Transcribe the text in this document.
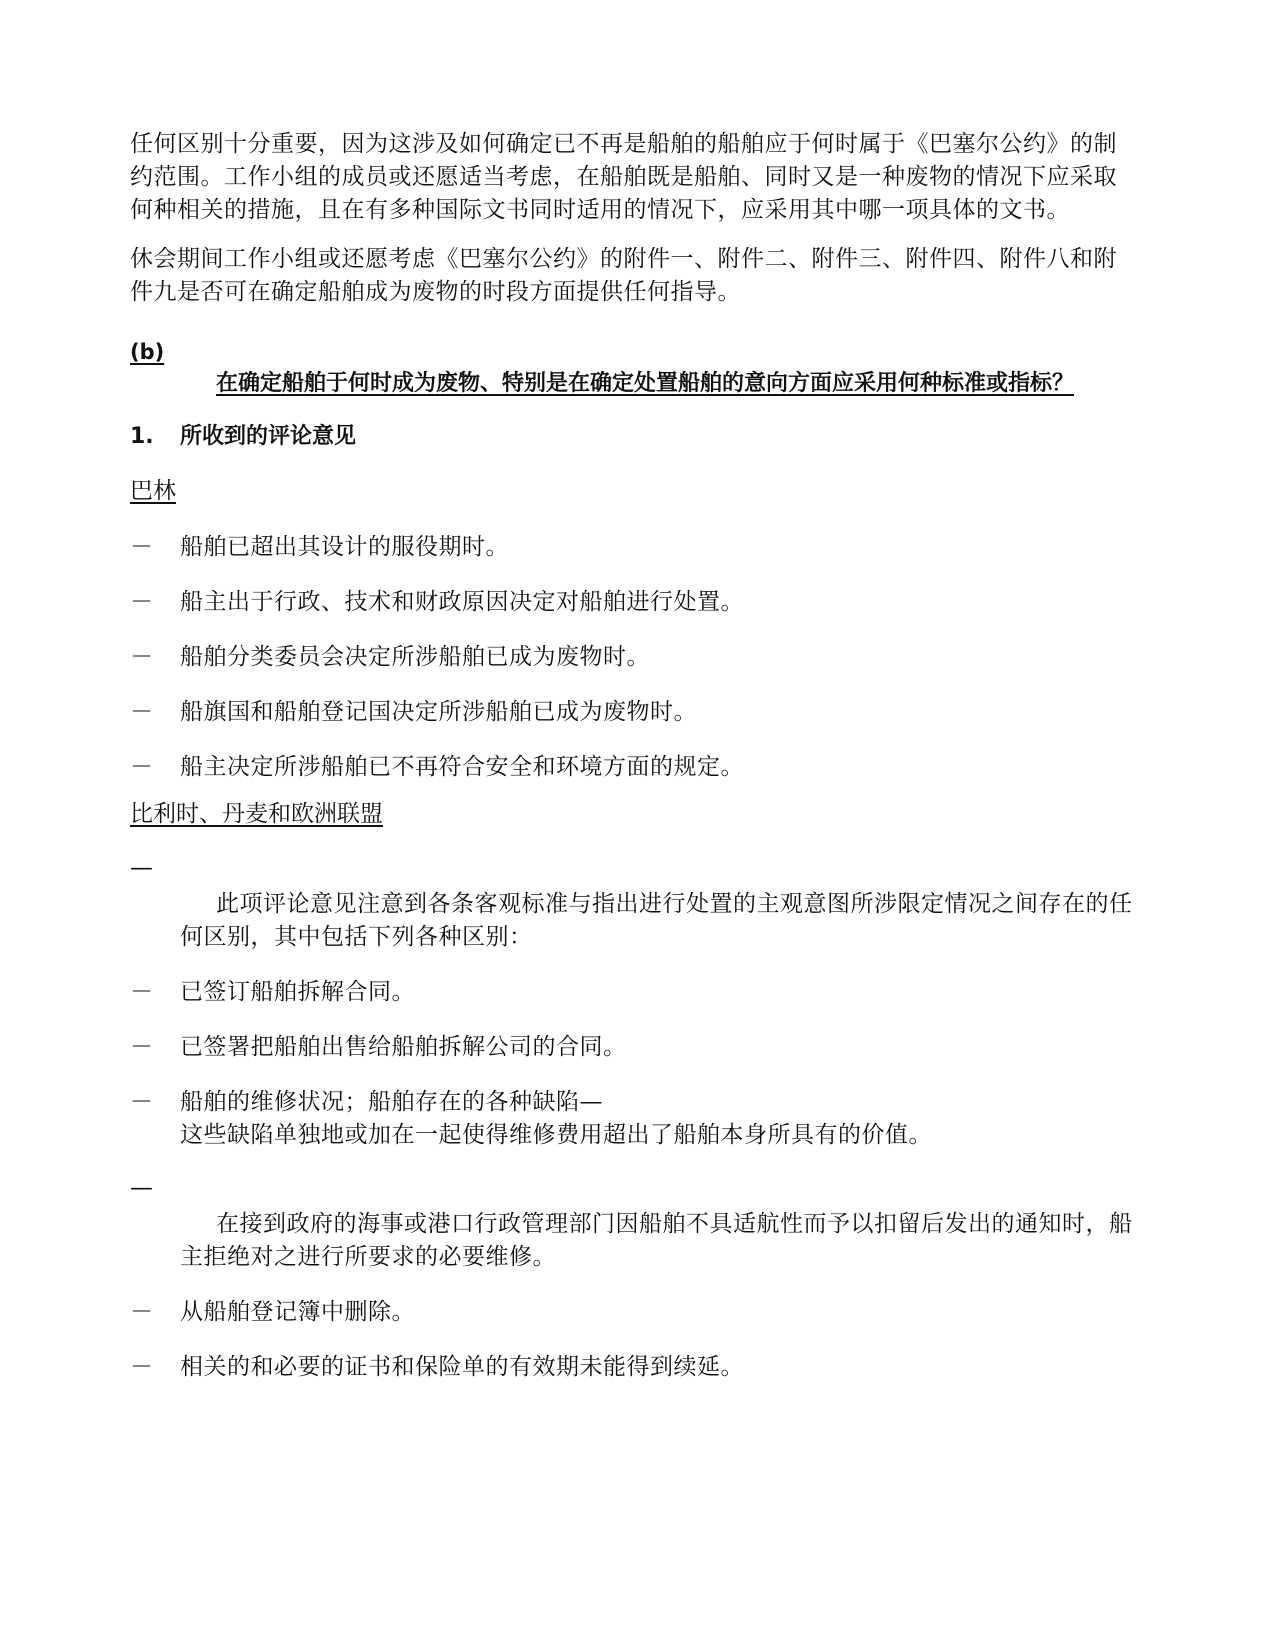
任何区别十分重要，因为这涉及如何确定已不再是船舶的船舶应于何时属于《巴塞尔公约》的制约范围。工作小组的成员或还愿适当考虑，在船舶既是船舶、同时又是一种废物的情况下应采取何种相关的措施，且在有多种国际文书同时适用的情况下，应采用其中哪一项具体的文书。

休会期间工作小组或还愿考虑《巴塞尔公约》的附件一、附件二、附件三、附件四、附件八和附件九是否可在确定船舶成为废物的时段方面提供任何指导。

(b)

在确定船舶于何时成为废物、特别是在确定处置船舶的意向方面应采用何种标准或指标？

1.	所收到的评论意见
巴林
－	船舶已超出其设计的服役期时。
－	船主出于行政、技术和财政原因决定对船舶进行处置。
－	船舶分类委员会决定所涉船舶已成为废物时。
－	船旗国和船舶登记国决定所涉船舶已成为废物时。
－	船主决定所涉船舶已不再符合安全和环境方面的规定。
比利时、丹麦和欧洲联盟
—
此项评论意见注意到各条客观标准与指出进行处置的主观意图所涉限定情况之间存在的任何区别，其中包括下列各种区别：
－	已签订船舶拆解合同。
－	已签署把船舶出售给船舶拆解公司的合同。
－	船舶的维修状况；船舶存在的各种缺陷—
这些缺陷单独地或加在一起使得维修费用超出了船舶本身所具有的价值。
—
在接到政府的海事或港口行政管理部门因船舶不具适航性而予以扣留后发出的通知时，船主拒绝对之进行所要求的必要维修。
－	从船舶登记簿中删除。
－	相关的和必要的证书和保险单的有效期未能得到续延。
